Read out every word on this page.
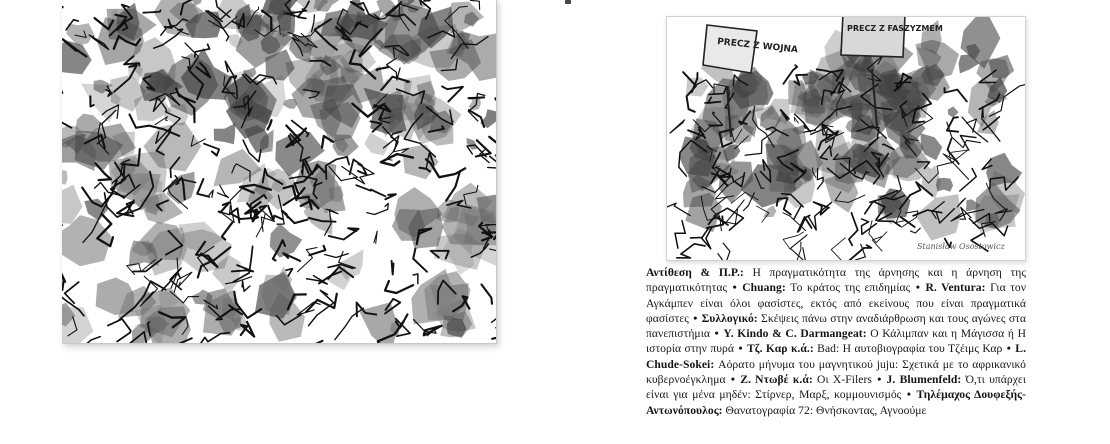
PRECZ Z WOJNA
PRECZ Z FASZYZMEM
Stanisław Osostowicz
Αντίθεση & Π.Ρ.: Η πραγματικότητα της άρνησης και η άρνηση της πραγματικότητας • Chuang: Το κράτος της επιδημίας • R. Ventura: Για τον Αγκάμπεν είναι όλοι φασίστες, εκτός από εκείνους που είναι πραγματικά φασίστες • Συλλογικό: Σκέψεις πάνω στην αναδιάρθρωση και τους αγώνες στα πανεπιστήμια • Y. Kindo & C. Darmangeat: Ο Κάλιμπαν και η Μάγισσα ή Η ιστορία στην πυρά • Τζ. Καρ κ.ά.: Bad: Η αυτοβιογραφία του Τζέιμς Καρ • L. Chude-Sokei: Αόρατο μήνυμα του μαγνητικού juju: Σχετικά με το αφρικανικό κυβερνοέγκλημα • Ζ. Ντωβέ κ.ά: Οι X-Filers • J. Blumenfeld: Ό,τι υπάρχει είναι για μένα μηδέν: Στίρνερ, Μαρξ, κομμουνισμός • Τηλέμαχος Δουφεξής-Αντωνόπουλος: Θανατογραφία 72: Θνήσκοντας, Αγνοούμε
